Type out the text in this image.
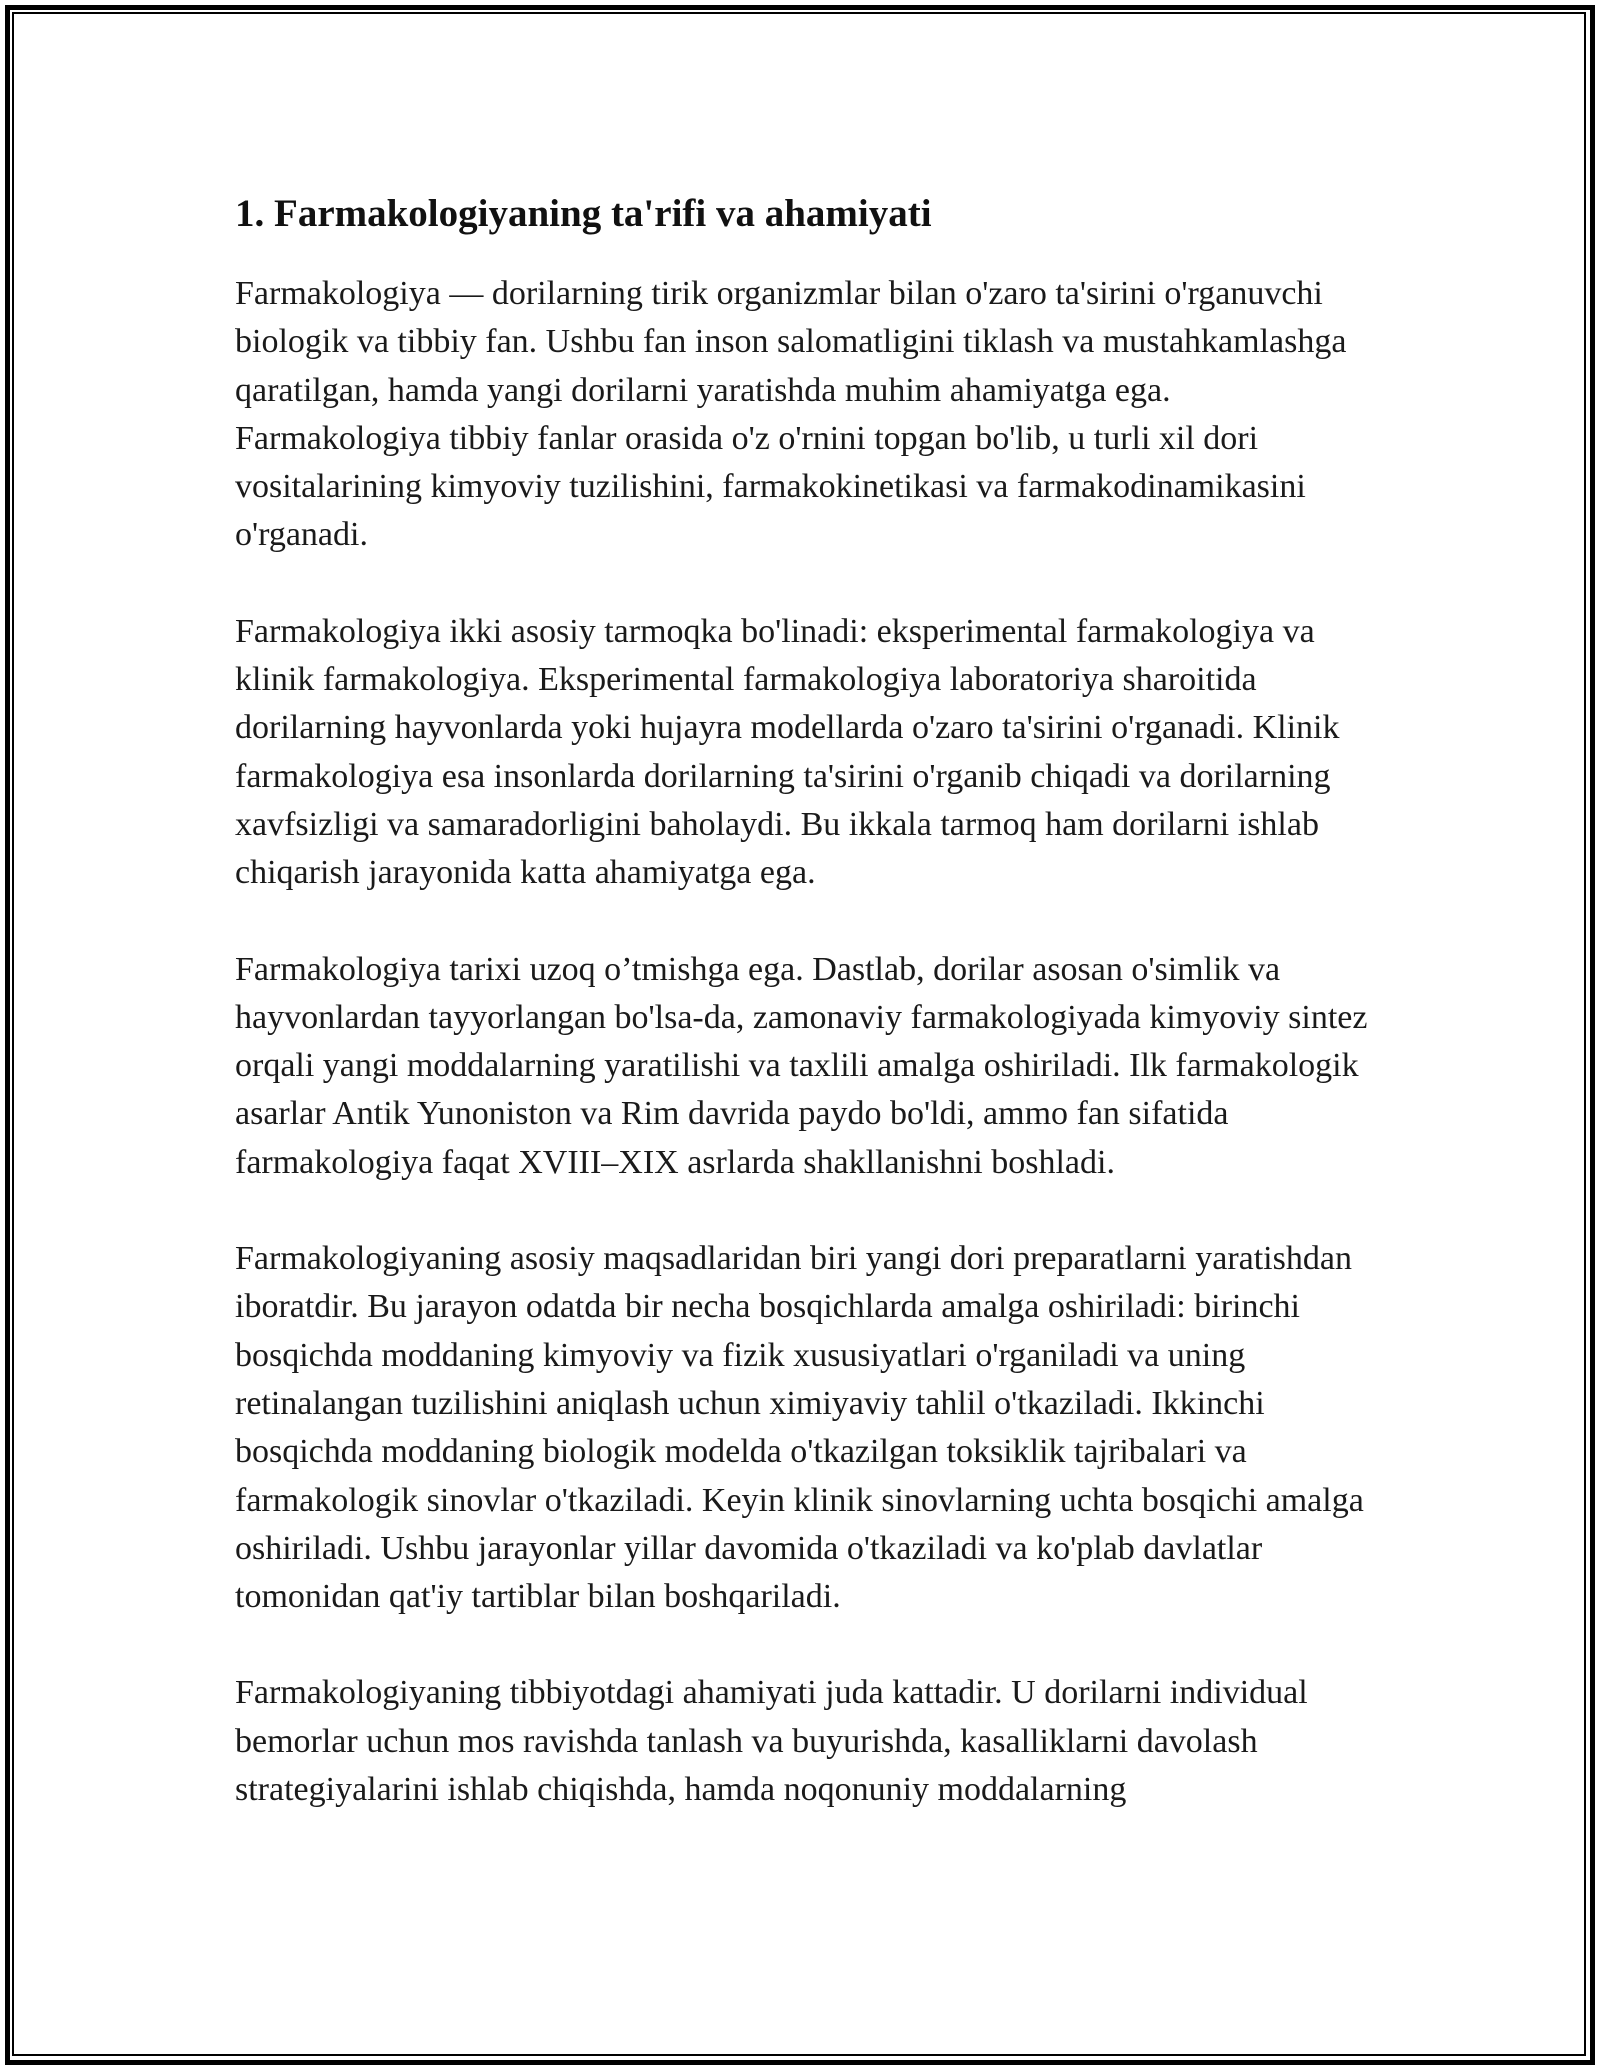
1. Farmakologiyaning ta'rifi va ahamiyati

Farmakologiya — dorilarning tirik organizmlar bilan o'zaro ta'sirini o'rganuvchi biologik va tibbiy fan. Ushbu fan inson salomatligini tiklash va mustahkamlashga qaratilgan, hamda yangi dorilarni yaratishda muhim ahamiyatga ega. Farmakologiya tibbiy fanlar orasida o'z o'rnini topgan bo'lib, u turli xil dori vositalarining kimyoviy tuzilishini, farmakokinetikasi va farmakodinamikasini o'rganadi.

Farmakologiya ikki asosiy tarmoqka bo'linadi: eksperimental farmakologiya va klinik farmakologiya. Eksperimental farmakologiya laboratoriya sharoitida dorilarning hayvonlarda yoki hujayra modellarda o'zaro ta'sirini o'rganadi. Klinik farmakologiya esa insonlarda dorilarning ta'sirini o'rganib chiqadi va dorilarning xavfsizligi va samaradorligini baholaydi. Bu ikkala tarmoq ham dorilarni ishlab chiqarish jarayonida katta ahamiyatga ega.

Farmakologiya tarixi uzoq o’tmishga ega. Dastlab, dorilar asosan o'simlik va hayvonlardan tayyorlangan bo'lsa-da, zamonaviy farmakologiyada kimyoviy sintez orqali yangi moddalarning yaratilishi va taxlili amalga oshiriladi. Ilk farmakologik asarlar Antik Yunoniston va Rim davrida paydo bo'ldi, ammo fan sifatida farmakologiya faqat XVIII–XIX asrlarda shakllanishni boshladi.

Farmakologiyaning asosiy maqsadlaridan biri yangi dori preparatlarni yaratishdan iboratdir. Bu jarayon odatda bir necha bosqichlarda amalga oshiriladi: birinchi bosqichda moddaning kimyoviy va fizik xususiyatlari o'rganiladi va uning retinalangan tuzilishini aniqlash uchun ximiyaviy tahlil o'tkaziladi. Ikkinchi bosqichda moddaning biologik modelda o'tkazilgan toksiklik tajribalari va farmakologik sinovlar o'tkaziladi. Keyin klinik sinovlarning uchta bosqichi amalga oshiriladi. Ushbu jarayonlar yillar davomida o'tkaziladi va ko'plab davlatlar tomonidan qat'iy tartiblar bilan boshqariladi.

Farmakologiyaning tibbiyotdagi ahamiyati juda kattadir. U dorilarni individual bemorlar uchun mos ravishda tanlash va buyurishda, kasalliklarni davolash strategiyalarini ishlab chiqishda, hamda noqonuniy moddalarning
